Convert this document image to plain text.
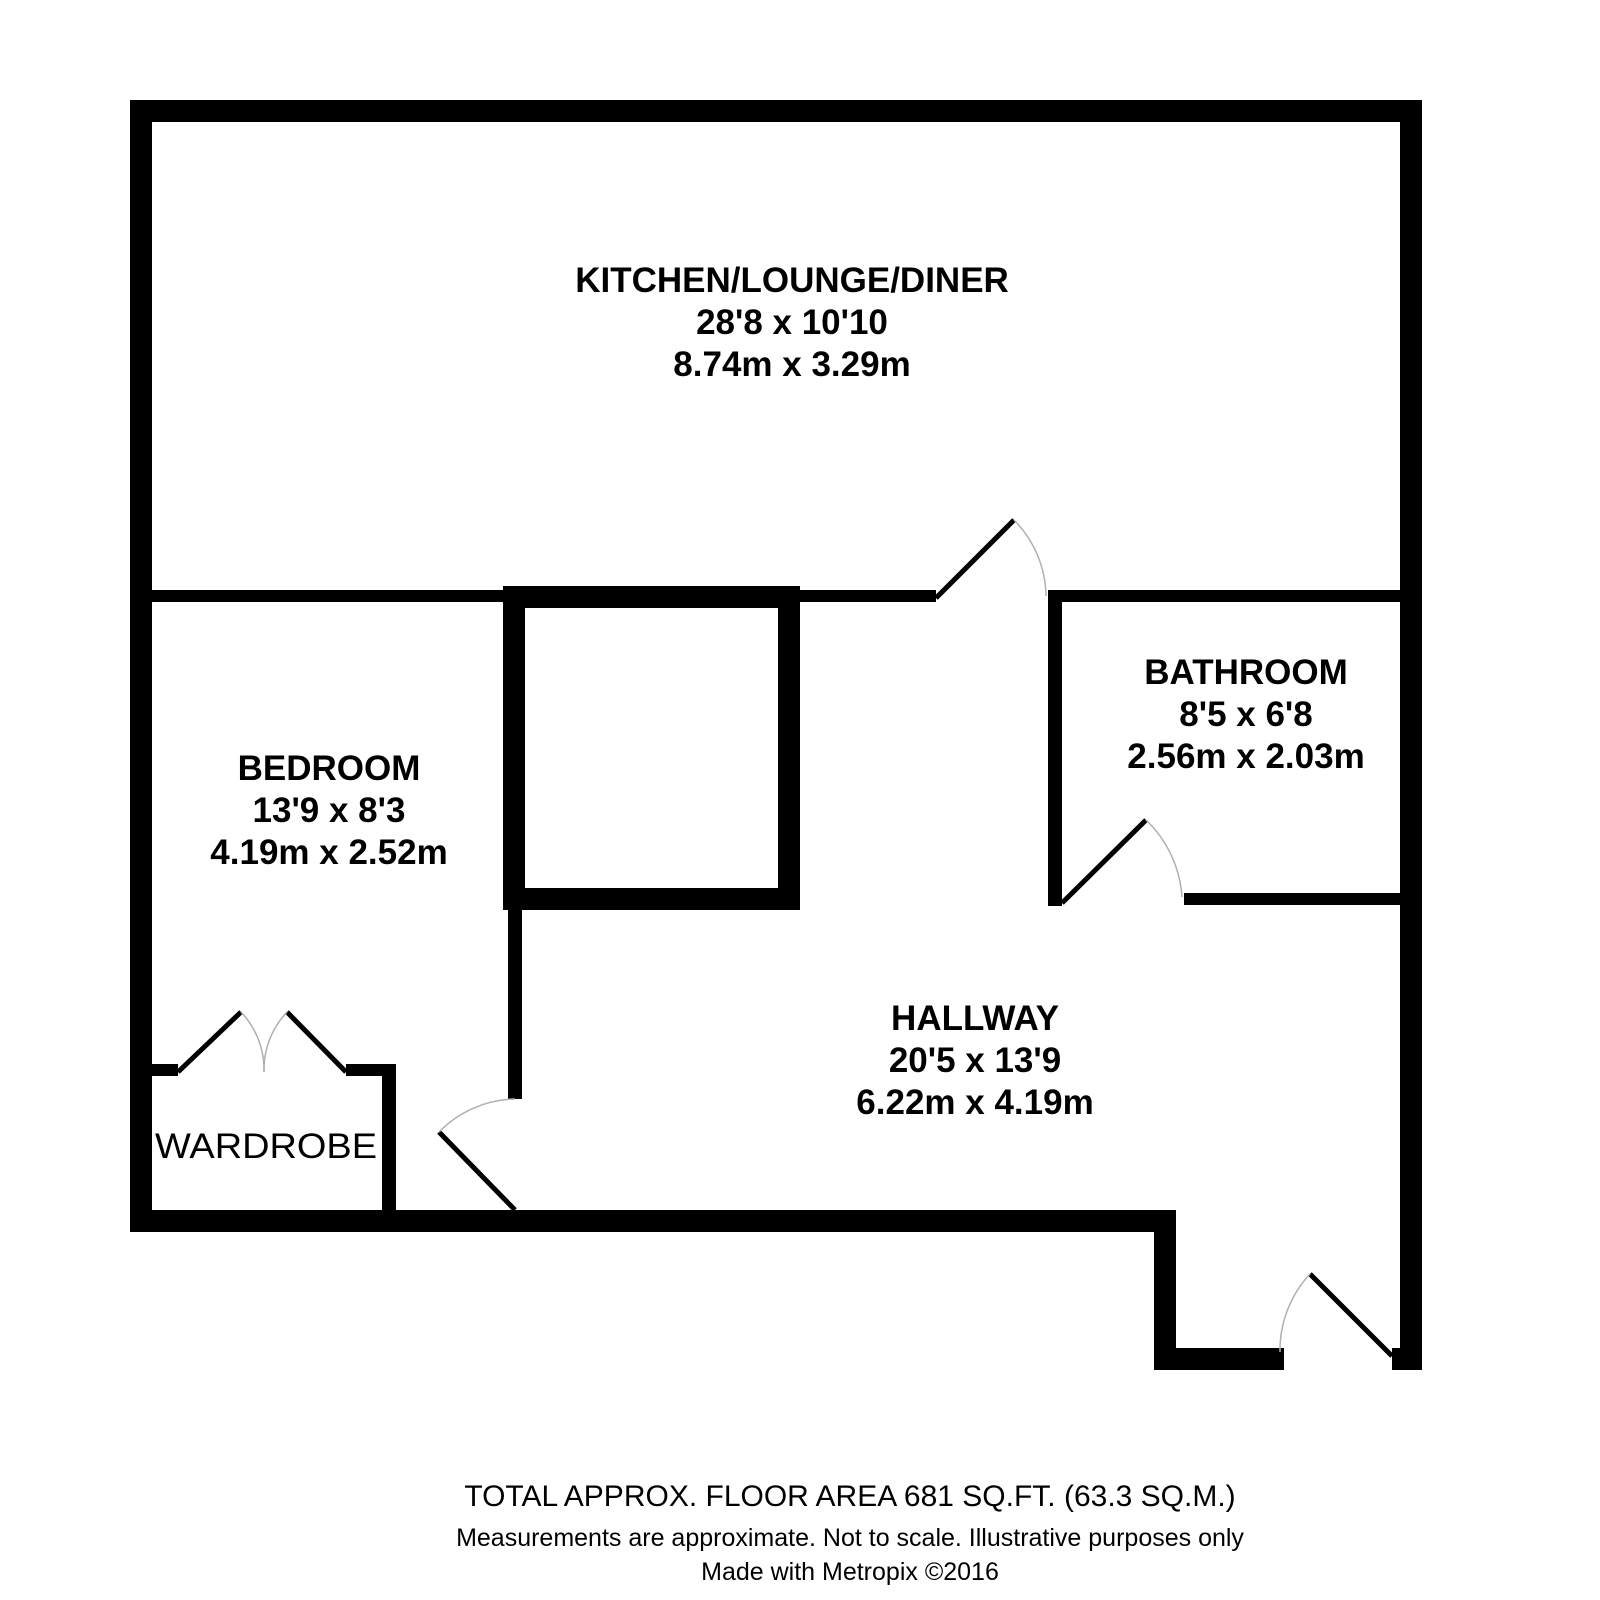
KITCHEN/LOUNGE/DINER
28'8 x 10'10
8.74m x 3.29m
BATHROOM
8'5 x 6'8
2.56m x 2.03m
BEDROOM
13'9 x 8'3
4.19m x 2.52m
HALLWAY
20'5 x 13'9
6.22m x 4.19m
WARDROBE
TOTAL APPROX. FLOOR AREA 681 SQ.FT. (63.3 SQ.M.)
Measurements are approximate. Not to scale. Illustrative purposes only
Made with Metropix ©2016
